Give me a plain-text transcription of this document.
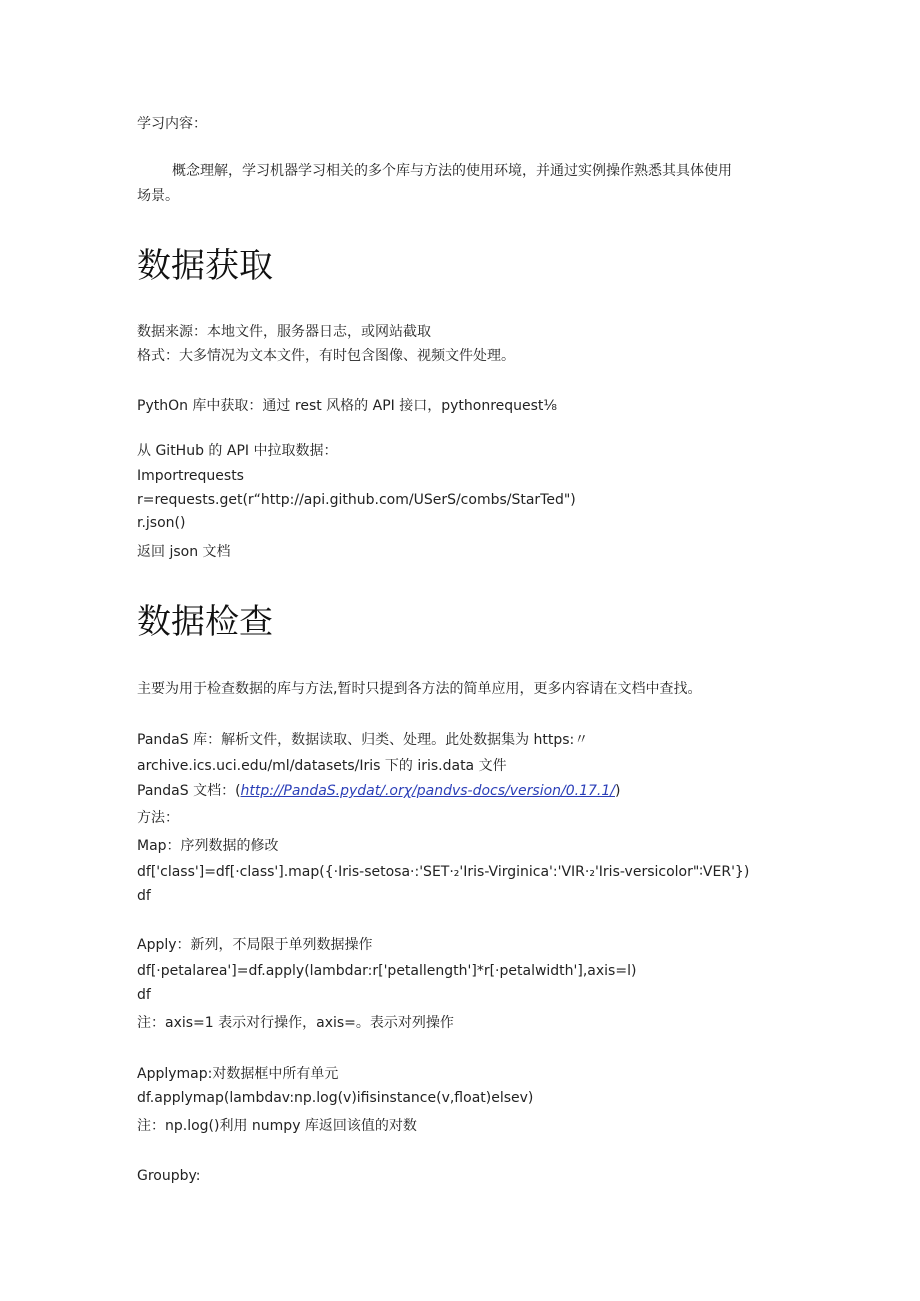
学习内容：
概念理解，学习机器学习相关的多个库与方法的使用环境，并通过实例操作熟悉其具体使用
场景。
数据获取
数据来源：本地文件，服务器日志，或网站截取
格式：大多情况为文本文件，有时包含图像、视频文件处理。
PythOn 库中获取：通过 rest 风格的 API 接口，pythonrequest⅛
从 GitHub 的 API 中拉取数据：
Importrequests
r=requests.get(r“http://api.github.com/USerS/combs/StarTed")
r.json()
返回 json 文档
数据检查
主要为用于检查数据的库与方法,暂时只提到各方法的简单应用，更多内容请在文档中查找。
PandaS 库：解析文件，数据读取、归类、处理。此处数据集为 https:〃
archive.ics.uci.edu/ml/datasets/Iris 下的 iris.data 文件
PandaS 文档：(http://PandaS.pydat∕.orχ/pandvs-docs∕version∕0.17.1/)
方法：
Map：序列数据的修改
df['class']=df[·class'].map({·Iris-setosa·:'SET·₂'Iris-Virginica':'VIR·₂'Iris-versicolor"∶VER'})
df
Apply：新列，不局限于单列数据操作
df[·petalarea']=df.apply(lambdar:r['petallength']*r[·petalwidth'],axis=l)
df
注：axis=1 表示对行操作，axis=。表示对列操作
Applymap:对数据框中所有单元
df.applymap(lambdav:np.log(v)ifisinstance(v,float)elsev)
注：np.log()利用 numpy 库返回该值的对数
Groupby:
